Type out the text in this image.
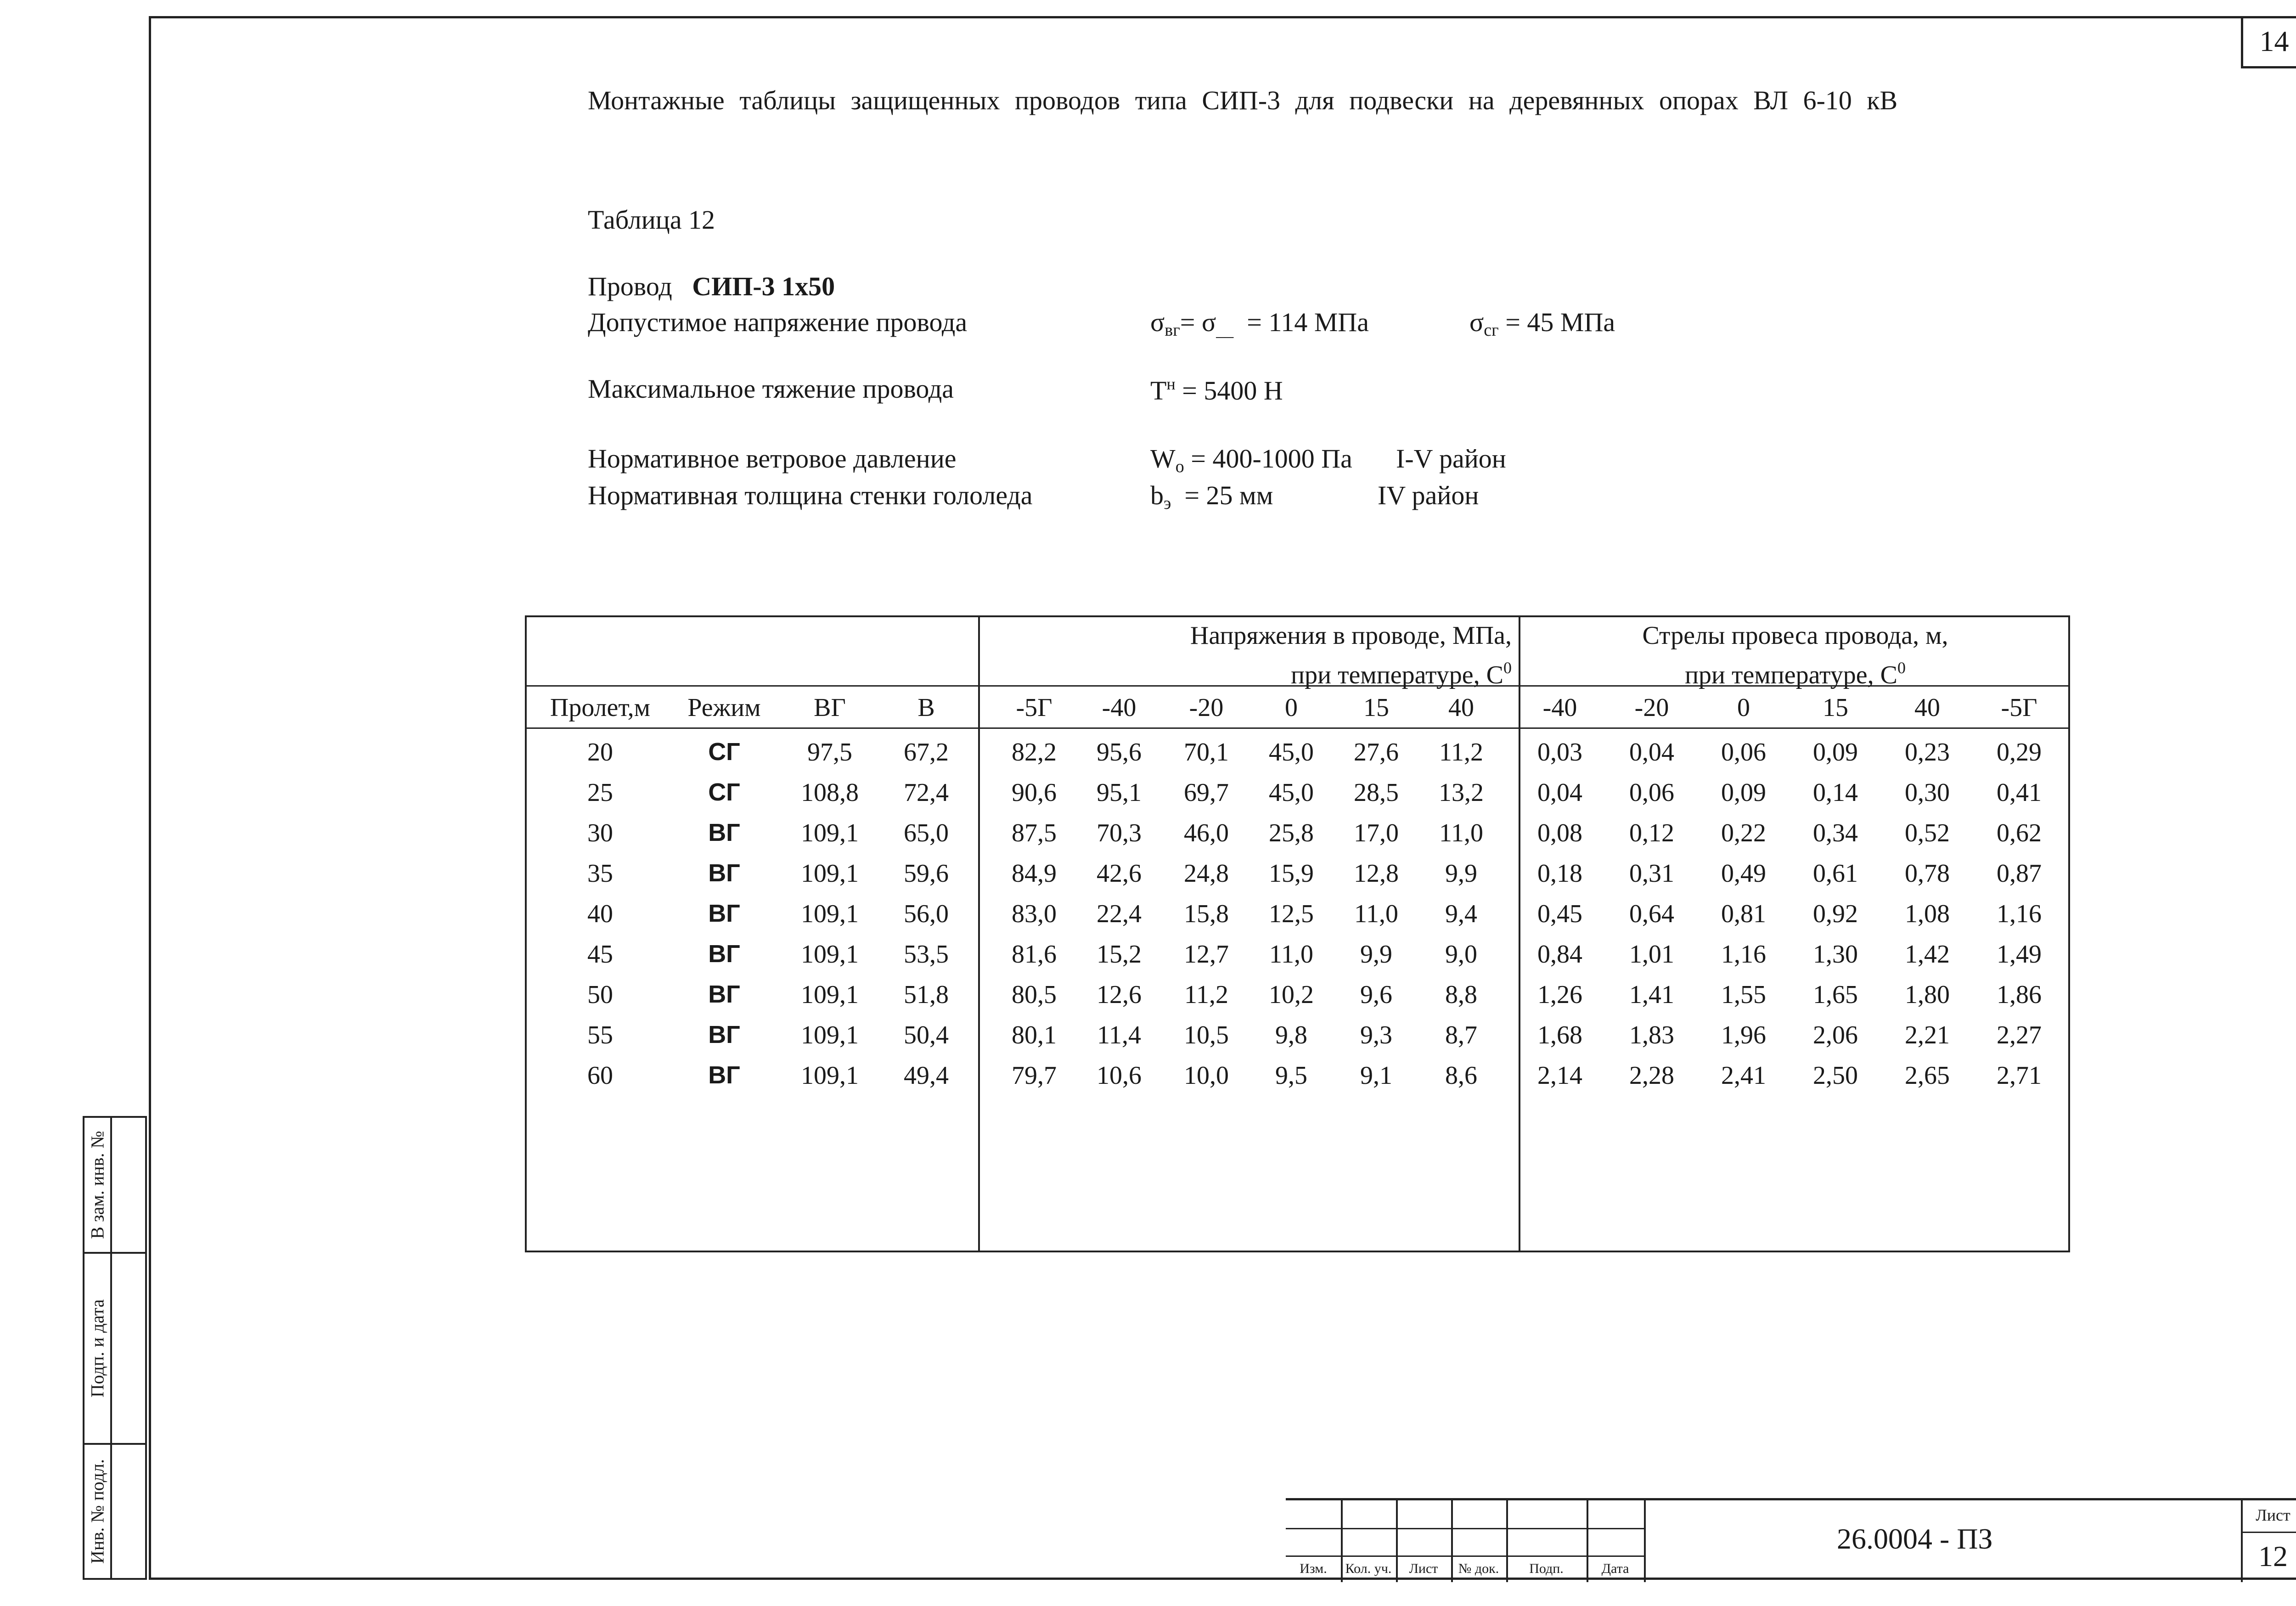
14
Монтажные таблицы защищенных проводов типа СИП-3 для подвески на деревянных опорах ВЛ 6-10 кВ
Таблица 12
Провод СИП-3 1х50
Допустимое напряжение провода	$\sigma_{вг}= \sigma_{\_\_} = 114$ МПа	$\sigma_{сг} = 45$ МПа
Максимальное тяжение провода	$Т^н = 5400$ Н
Нормативное ветровое давление	$W_о = 400-1000$ Па I-V район
Нормативная толщина стенки гололеда	$b_э = 25$ мм	IV район
Напряжения в проводе, МПа,
при температуре, $С^0$
Стрелы провеса провода, м,
при температуре, $С^0$
Пролет,м	Режим	ВГ	В	-5Г	-40	-20	0	15	40	-40	-20	0	15	40	-5Г
20	СГ	97,5	67,2	82,2	95,6	70,1	45,0	27,6	11,2	0,03	0,04	0,06	0,09	0,23	0,29
25	СГ	108,8	72,4	90,6	95,1	69,7	45,0	28,5	13,2	0,04	0,06	0,09	0,14	0,30	0,41
30	ВГ	109,1	65,0	87,5	70,3	46,0	25,8	17,0	11,0	0,08	0,12	0,22	0,34	0,52	0,62
35	ВГ	109,1	59,6	84,9	42,6	24,8	15,9	12,8	9,9	0,18	0,31	0,49	0,61	0,78	0,87
40	ВГ	109,1	56,0	83,0	22,4	15,8	12,5	11,0	9,4	0,45	0,64	0,81	0,92	1,08	1,16
45	ВГ	109,1	53,5	81,6	15,2	12,7	11,0	9,9	9,0	0,84	1,01	1,16	1,30	1,42	1,49
50	ВГ	109,1	51,8	80,5	12,6	11,2	10,2	9,6	8,8	1,26	1,41	1,55	1,65	1,80	1,86
55	ВГ	109,1	50,4	80,1	11,4	10,5	9,8	9,3	8,7	1,68	1,83	1,96	2,06	2,21	2,27
60	ВГ	109,1	49,4	79,7	10,6	10,0	9,5	9,1	8,6	2,14	2,28	2,41	2,50	2,65	2,71
В зам. инв. №
Подп. и дата
Инв. № подл.
Изм.	Кол. уч.	Лист	№ док.	Подп.	Дата
26.0004 - ПЗ
Лист
12
